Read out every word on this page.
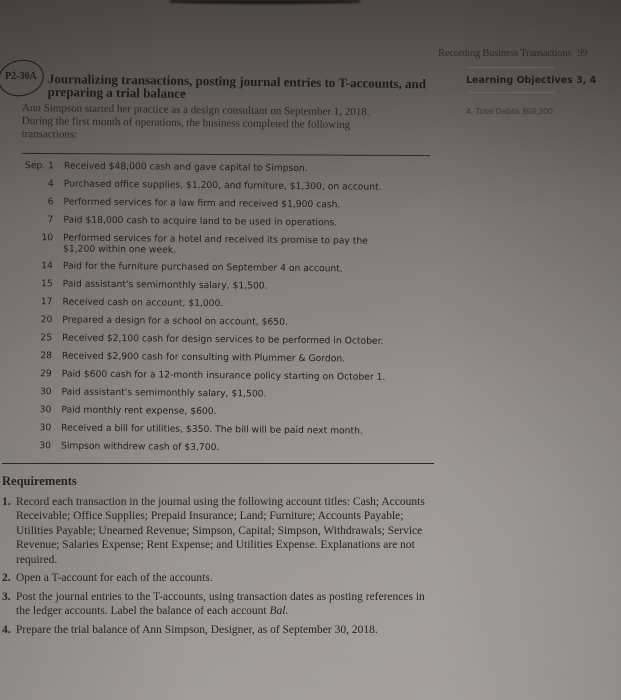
Recording Business Transactions 99
Learning Objectives 3, 4
4. Total Debits $58,300
P2-30A Journalizing transactions, posting journal entries to T-accounts, and preparing a trial balance
Ann Simpson started her practice as a design consultant on September 1, 2018. During the first month of operations, the business completed the following transactions:
Sep. 1	Received $48,000 cash and gave capital to Simpson.
4	Purchased office supplies, $1,200, and furniture, $1,300, on account.
6	Performed services for a law firm and received $1,900 cash.
7	Paid $18,000 cash to acquire land to be used in operations.
10	Performed services for a hotel and received its promise to pay the $1,200 within one week.
14	Paid for the furniture purchased on September 4 on account.
15	Paid assistant's semimonthly salary, $1,500.
17	Received cash on account, $1,000.
20	Prepared a design for a school on account, $650.
25	Received $2,100 cash for design services to be performed in October.
28	Received $2,900 cash for consulting with Plummer & Gordon.
29	Paid $600 cash for a 12-month insurance policy starting on October 1.
30	Paid assistant's semimonthly salary, $1,500.
30	Paid monthly rent expense, $600.
30	Received a bill for utilities, $350. The bill will be paid next month.
30	Simpson withdrew cash of $3,700.
Requirements
1. Record each transaction in the journal using the following account titles: Cash; Accounts Receivable; Office Supplies; Prepaid Insurance; Land; Furniture; Accounts Payable; Utilities Payable; Unearned Revenue; Simpson, Capital; Simpson, Withdrawals; Service Revenue; Salaries Expense; Rent Expense; and Utilities Expense. Explanations are not required.
2. Open a T-account for each of the accounts.
3. Post the journal entries to the T-accounts, using transaction dates as posting references in the ledger accounts. Label the balance of each account Bal.
4. Prepare the trial balance of Ann Simpson, Designer, as of September 30, 2018.
